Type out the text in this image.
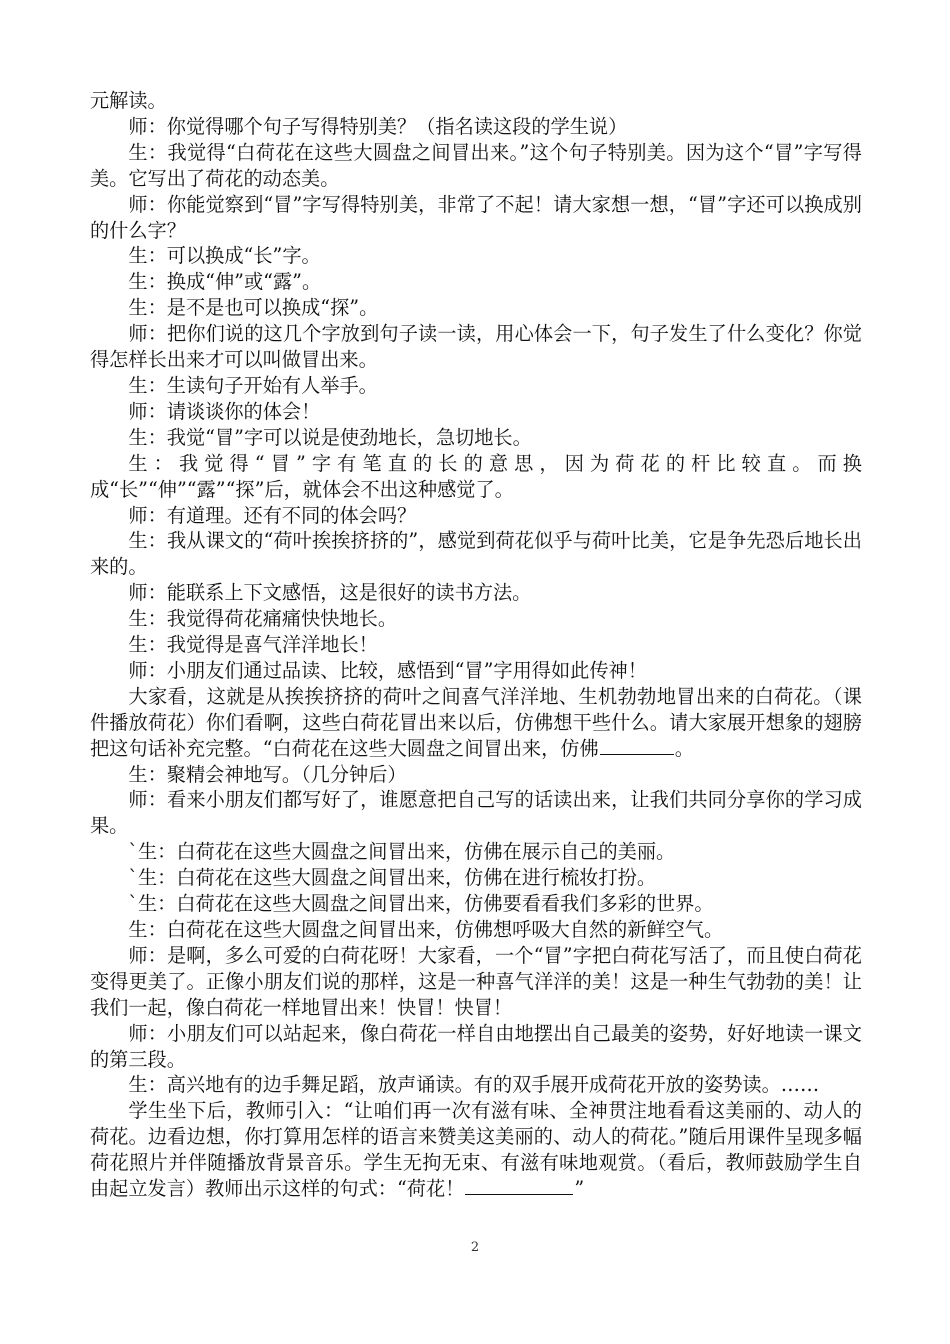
元解读。

师：你觉得哪个句子写得特别美？（指名读这段的学生说）

生：我觉得“白荷花在这些大圆盘之间冒出来。”这个句子特别美。因为这个“冒”字写得美。它写出了荷花的动态美。

师：你能觉察到“冒”字写得特别美，非常了不起！请大家想一想，“冒”字还可以换成别的什么字？

生：可以换成“长”字。

生：换成“伸”或“露”。

生：是不是也可以换成“探”。

师：把你们说的这几个字放到句子读一读，用心体会一下，句子发生了什么变化？你觉得怎样长出来才可以叫做冒出来。

生：生读句子开始有人举手。

师：请谈谈你的体会！

生：我觉“冒”字可以说是使劲地长，急切地长。

生：我觉得“冒”字有笔直的长的意思，因为荷花的杆比较直。而换成“长”“伸”“露”“探”后，就体会不出这种感觉了。

师：有道理。还有不同的体会吗？

生：我从课文的“荷叶挨挨挤挤的”，感觉到荷花似乎与荷叶比美，它是争先恐后地长出来的。

师：能联系上下文感悟，这是很好的读书方法。

生：我觉得荷花痛痛快快地长。

生：我觉得是喜气洋洋地长！

师：小朋友们通过品读、比较，感悟到“冒”字用得如此传神！

大家看，这就是从挨挨挤挤的荷叶之间喜气洋洋地、生机勃勃地冒出来的白荷花。（课件播放荷花）你们看啊，这些白荷花冒出来以后，仿佛想干些什么。请大家展开想象的翅膀把这句话补充完整。“白荷花在这些大圆盘之间冒出来，仿佛	。

生：聚精会神地写。（几分钟后）

师：看来小朋友们都写好了，谁愿意把自己写的话读出来，让我们共同分享你的学习成果。

`生：白荷花在这些大圆盘之间冒出来，仿佛在展示自己的美丽。

`生：白荷花在这些大圆盘之间冒出来，仿佛在进行梳妆打扮。

`生：白荷花在这些大圆盘之间冒出来，仿佛要看看我们多彩的世界。

生：白荷花在这些大圆盘之间冒出来，仿佛想呼吸大自然的新鲜空气。

师：是啊，多么可爱的白荷花呀！大家看，一个“冒”字把白荷花写活了，而且使白荷花变得更美了。正像小朋友们说的那样，这是一种喜气洋洋的美！这是一种生气勃勃的美！让我们一起，像白荷花一样地冒出来！快冒！快冒！

师：小朋友们可以站起来，像白荷花一样自由地摆出自己最美的姿势，好好地读一课文的第三段。

生：高兴地有的边手舞足蹈，放声诵读。有的双手展开成荷花开放的姿势读。……

学生坐下后，教师引入：“让咱们再一次有滋有味、全神贯注地看看这美丽的、动人的荷花。边看边想，你打算用怎样的语言来赞美这美丽的、动人的荷花。”随后用课件呈现多幅荷花照片并伴随播放背景音乐。学生无拘无束、有滋有味地观赏。（看后，教师鼓励学生自由起立发言）教师出示这样的句式：“荷花！	”

2
